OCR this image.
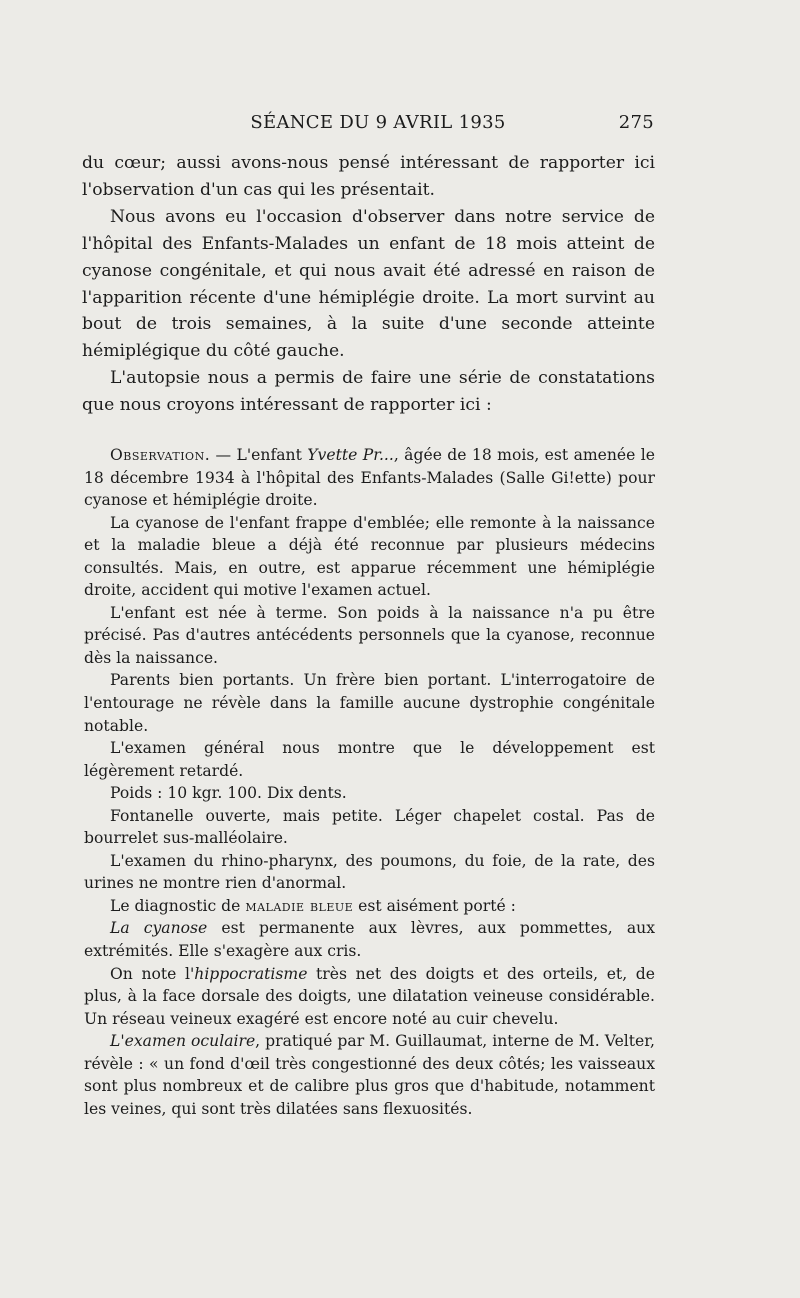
SÉANCE DU 9 AVRIL 1935	275

du cœur; aussi avons-nous pensé intéressant de rapporter ici l'observation d'un cas qui les présentait.

Nous avons eu l'occasion d'observer dans notre service de l'hôpital des Enfants-Malades un enfant de 18 mois atteint de cyanose congénitale, et qui nous avait été adressé en raison de l'apparition récente d'une hémiplégie droite. La mort survint au bout de trois semaines, à la suite d'une seconde atteinte hémiplégique du côté gauche.

L'autopsie nous a permis de faire une série de constatations que nous croyons intéressant de rapporter ici :

Observation. — L'enfant Yvette Pr..., âgée de 18 mois, est amenée le 18 décembre 1934 à l'hôpital des Enfants-Malades (Salle Gi!ette) pour cyanose et hémiplégie droite.

La cyanose de l'enfant frappe d'emblée; elle remonte à la naissance et la maladie bleue a déjà été reconnue par plusieurs médecins consultés. Mais, en outre, est apparue récemment une hémiplégie droite, accident qui motive l'examen actuel.

L'enfant est née à terme. Son poids à la naissance n'a pu être précisé. Pas d'autres antécédents personnels que la cyanose, reconnue dès la naissance.

Parents bien portants. Un frère bien portant. L'interrogatoire de l'entourage ne révèle dans la famille aucune dystrophie congénitale notable.

L'examen général nous montre que le développement est légèrement retardé.

Poids : 10 kgr. 100. Dix dents.

Fontanelle ouverte, mais petite. Léger chapelet costal. Pas de bourrelet sus-malléolaire.

L'examen du rhino-pharynx, des poumons, du foie, de la rate, des urines ne montre rien d'anormal.

Le diagnostic de maladie bleue est aisément porté :

La cyanose est permanente aux lèvres, aux pommettes, aux extrémités. Elle s'exagère aux cris.

On note l'hippocratisme très net des doigts et des orteils, et, de plus, à la face dorsale des doigts, une dilatation veineuse considérable. Un réseau veineux exagéré est encore noté au cuir chevelu.

L'examen oculaire, pratiqué par M. Guillaumat, interne de M. Velter, révèle : « un fond d'œil très congestionné des deux côtés; les vaisseaux sont plus nombreux et de calibre plus gros que d'habitude, notamment les veines, qui sont très dilatées sans flexuosités.
